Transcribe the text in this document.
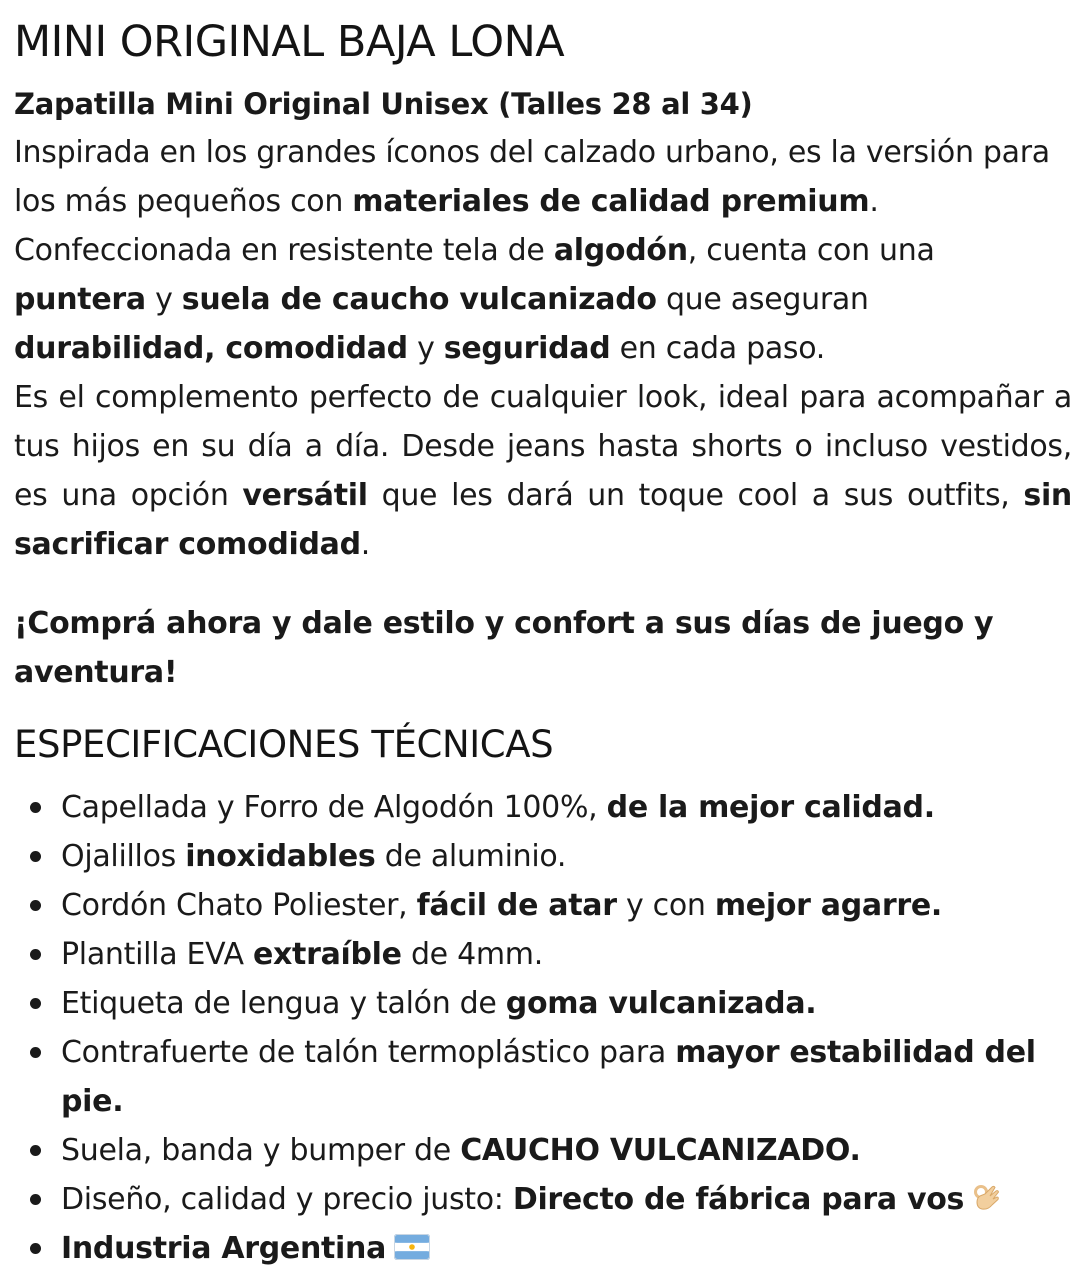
MINI ORIGINAL BAJA LONA

Zapatilla Mini Original Unisex (Talles 28 al 34)

Inspirada en los grandes íconos del calzado urbano, es la versión para los más pequeños con materiales de calidad premium. Confeccionada en resistente tela de algodón, cuenta con una puntera y suela de caucho vulcanizado que aseguran durabilidad, comodidad y seguridad en cada paso.

Es el complemento perfecto de cualquier look, ideal para acompañar a tus hijos en su día a día. Desde jeans hasta shorts o incluso vestidos, es una opción versátil que les dará un toque cool a sus outfits, sin sacrificar comodidad.

¡Comprá ahora y dale estilo y confort a sus días de juego y aventura!

ESPECIFICACIONES TÉCNICAS
Capellada y Forro de Algodón 100%, de la mejor calidad.
Ojalillos inoxidables de aluminio.
Cordón Chato Poliester, fácil de atar y con mejor agarre.
Plantilla EVA extraíble de 4mm.
Etiqueta de lengua y talón de goma vulcanizada.
Contrafuerte de talón termoplástico para mayor estabilidad del pie.
Suela, banda y bumper de CAUCHO VULCANIZADO.
Diseño, calidad y precio justo: Directo de fábrica para vos
Industria Argentina
